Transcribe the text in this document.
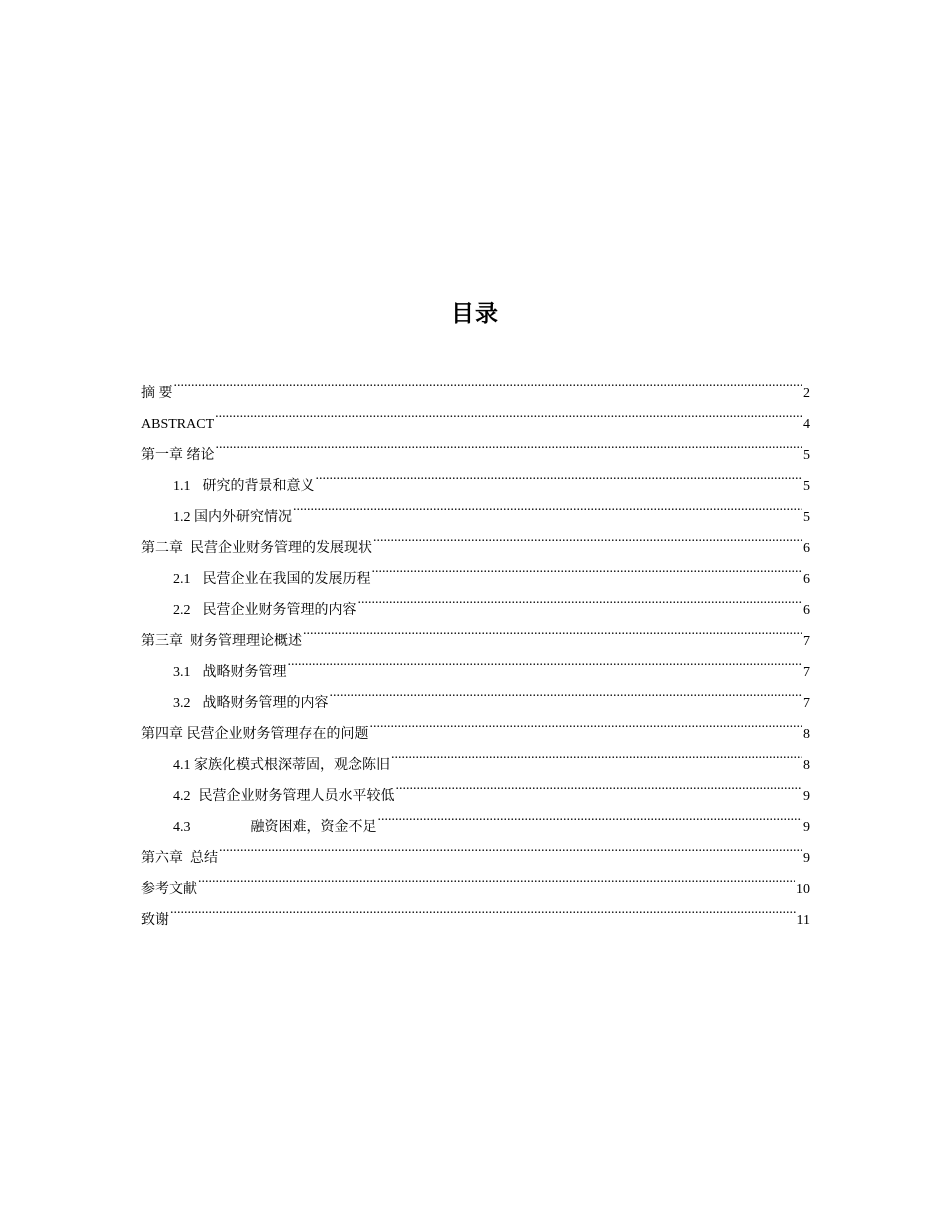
目录
摘 要 .....	2
ABSTRACT .....	4
第一章 绪论 .....	5
1.1 研究的背景和意义 .....	5
1.2 国内外研究情况 .....	5
第二章  民营企业财务管理的发展现状 .....	6
2.1 民营企业在我国的发展历程 .....	6
2.2 民营企业财务管理的内容 .....	6
第三章  财务管理理论概述 .....	7
3.1 战略财务管理 .....	7
3.2 战略财务管理的内容 .....	7
第四章 民营企业财务管理存在的问题 .....	8
4.1 家族化模式根深蒂固，观念陈旧 .....	8
4.2 民营企业财务管理人员水平较低 .....	9
4.3	融资困难，资金不足 .....	9
第六章  总结 .....	9
参考文献 .....	10
致谢 .....	11
